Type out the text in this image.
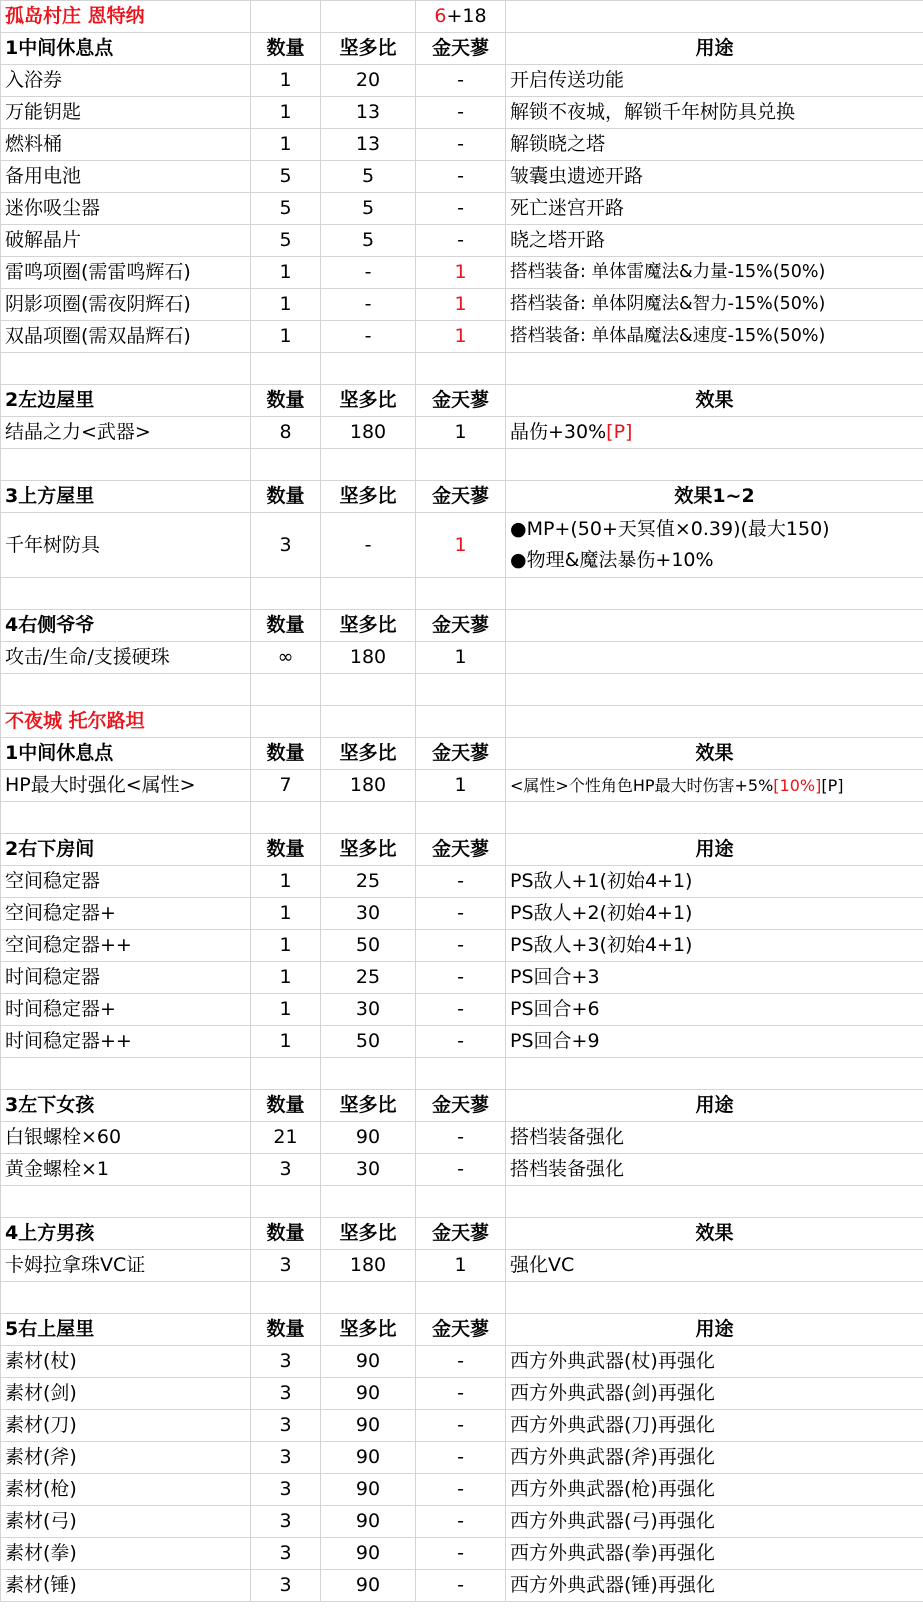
孤岛村庄 恩特纳			6+18	
1中间休息点	数量	坚多比	金天蓼	用途
入浴券	1	20	-	开启传送功能
万能钥匙	1	13	-	解锁不夜城，解锁千年树防具兑换
燃料桶	1	13	-	解锁晓之塔
备用电池	5	5	-	皱囊虫遗迹开路
迷你吸尘器	5	5	-	死亡迷宫开路
破解晶片	5	5	-	晓之塔开路
雷鸣项圈(需雷鸣辉石)	1	-	1	搭档装备: 单体雷魔法&力量-15%(50%)
阴影项圈(需夜阴辉石)	1	-	1	搭档装备: 单体阴魔法&智力-15%(50%)
双晶项圈(需双晶辉石)	1	-	1	搭档装备: 单体晶魔法&速度-15%(50%)

2左边屋里	数量	坚多比	金天蓼	效果
结晶之力<武器>	8	180	1	晶伤+30%[P]

3上方屋里	数量	坚多比	金天蓼	效果1~2
千年树防具	3	-	1	●MP+(50+天冥值×0.39)(最大150)
●物理&魔法暴伤+10%

4右侧爷爷	数量	坚多比	金天蓼	
攻击/生命/支援硬珠	∞	180	1	

不夜城 托尔路坦				
1中间休息点	数量	坚多比	金天蓼	效果
HP最大时强化<属性>	7	180	1	<属性>个性角色HP最大时伤害+5%[10%][P]

2右下房间	数量	坚多比	金天蓼	用途
空间稳定器	1	25	-	PS敌人+1(初始4+1)
空间稳定器+	1	30	-	PS敌人+2(初始4+1)
空间稳定器++	1	50	-	PS敌人+3(初始4+1)
时间稳定器	1	25	-	PS回合+3
时间稳定器+	1	30	-	PS回合+6
时间稳定器++	1	50	-	PS回合+9

3左下女孩	数量	坚多比	金天蓼	用途
白银螺栓×60	21	90	-	搭档装备强化
黄金螺栓×1	3	30	-	搭档装备强化

4上方男孩	数量	坚多比	金天蓼	效果
卡姆拉拿珠VC证	3	180	1	强化VC

5右上屋里	数量	坚多比	金天蓼	用途
素材(杖)	3	90	-	西方外典武器(杖)再强化
素材(剑)	3	90	-	西方外典武器(剑)再强化
素材(刀)	3	90	-	西方外典武器(刀)再强化
素材(斧)	3	90	-	西方外典武器(斧)再强化
素材(枪)	3	90	-	西方外典武器(枪)再强化
素材(弓)	3	90	-	西方外典武器(弓)再强化
素材(拳)	3	90	-	西方外典武器(拳)再强化
素材(锤)	3	90	-	西方外典武器(锤)再强化
